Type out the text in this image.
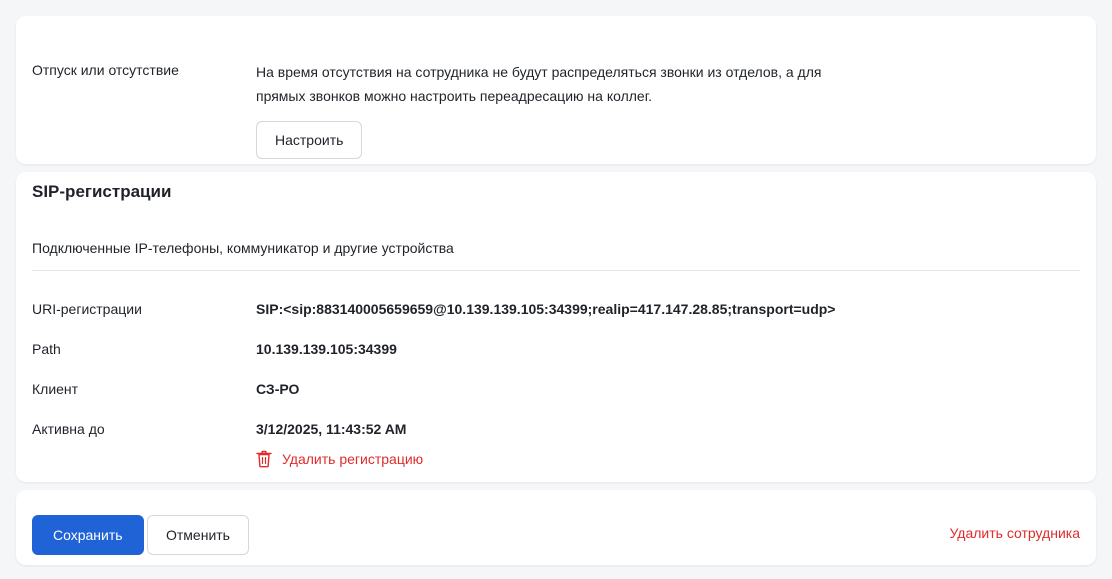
Отпуск или отсутствие	На время отсутствия на сотрудника не будут распределяться звонки из отделов, а для прямых звонков можно настроить переадресацию на коллег.
Настроить
SIP-регистрации
Подключенные IP-телефоны, коммуникатор и другие устройства
URI-регистрации	SIP:<sip:883140005659659@10.139.139.105:34399;realip=417.147.28.85;transport=udp>
Path	10.139.139.105:34399
Клиент	СЗ-РО
Активна до	3/12/2025, 11:43:52 AM
Удалить регистрацию
Сохранить	Отменить	Удалить сотрудника
